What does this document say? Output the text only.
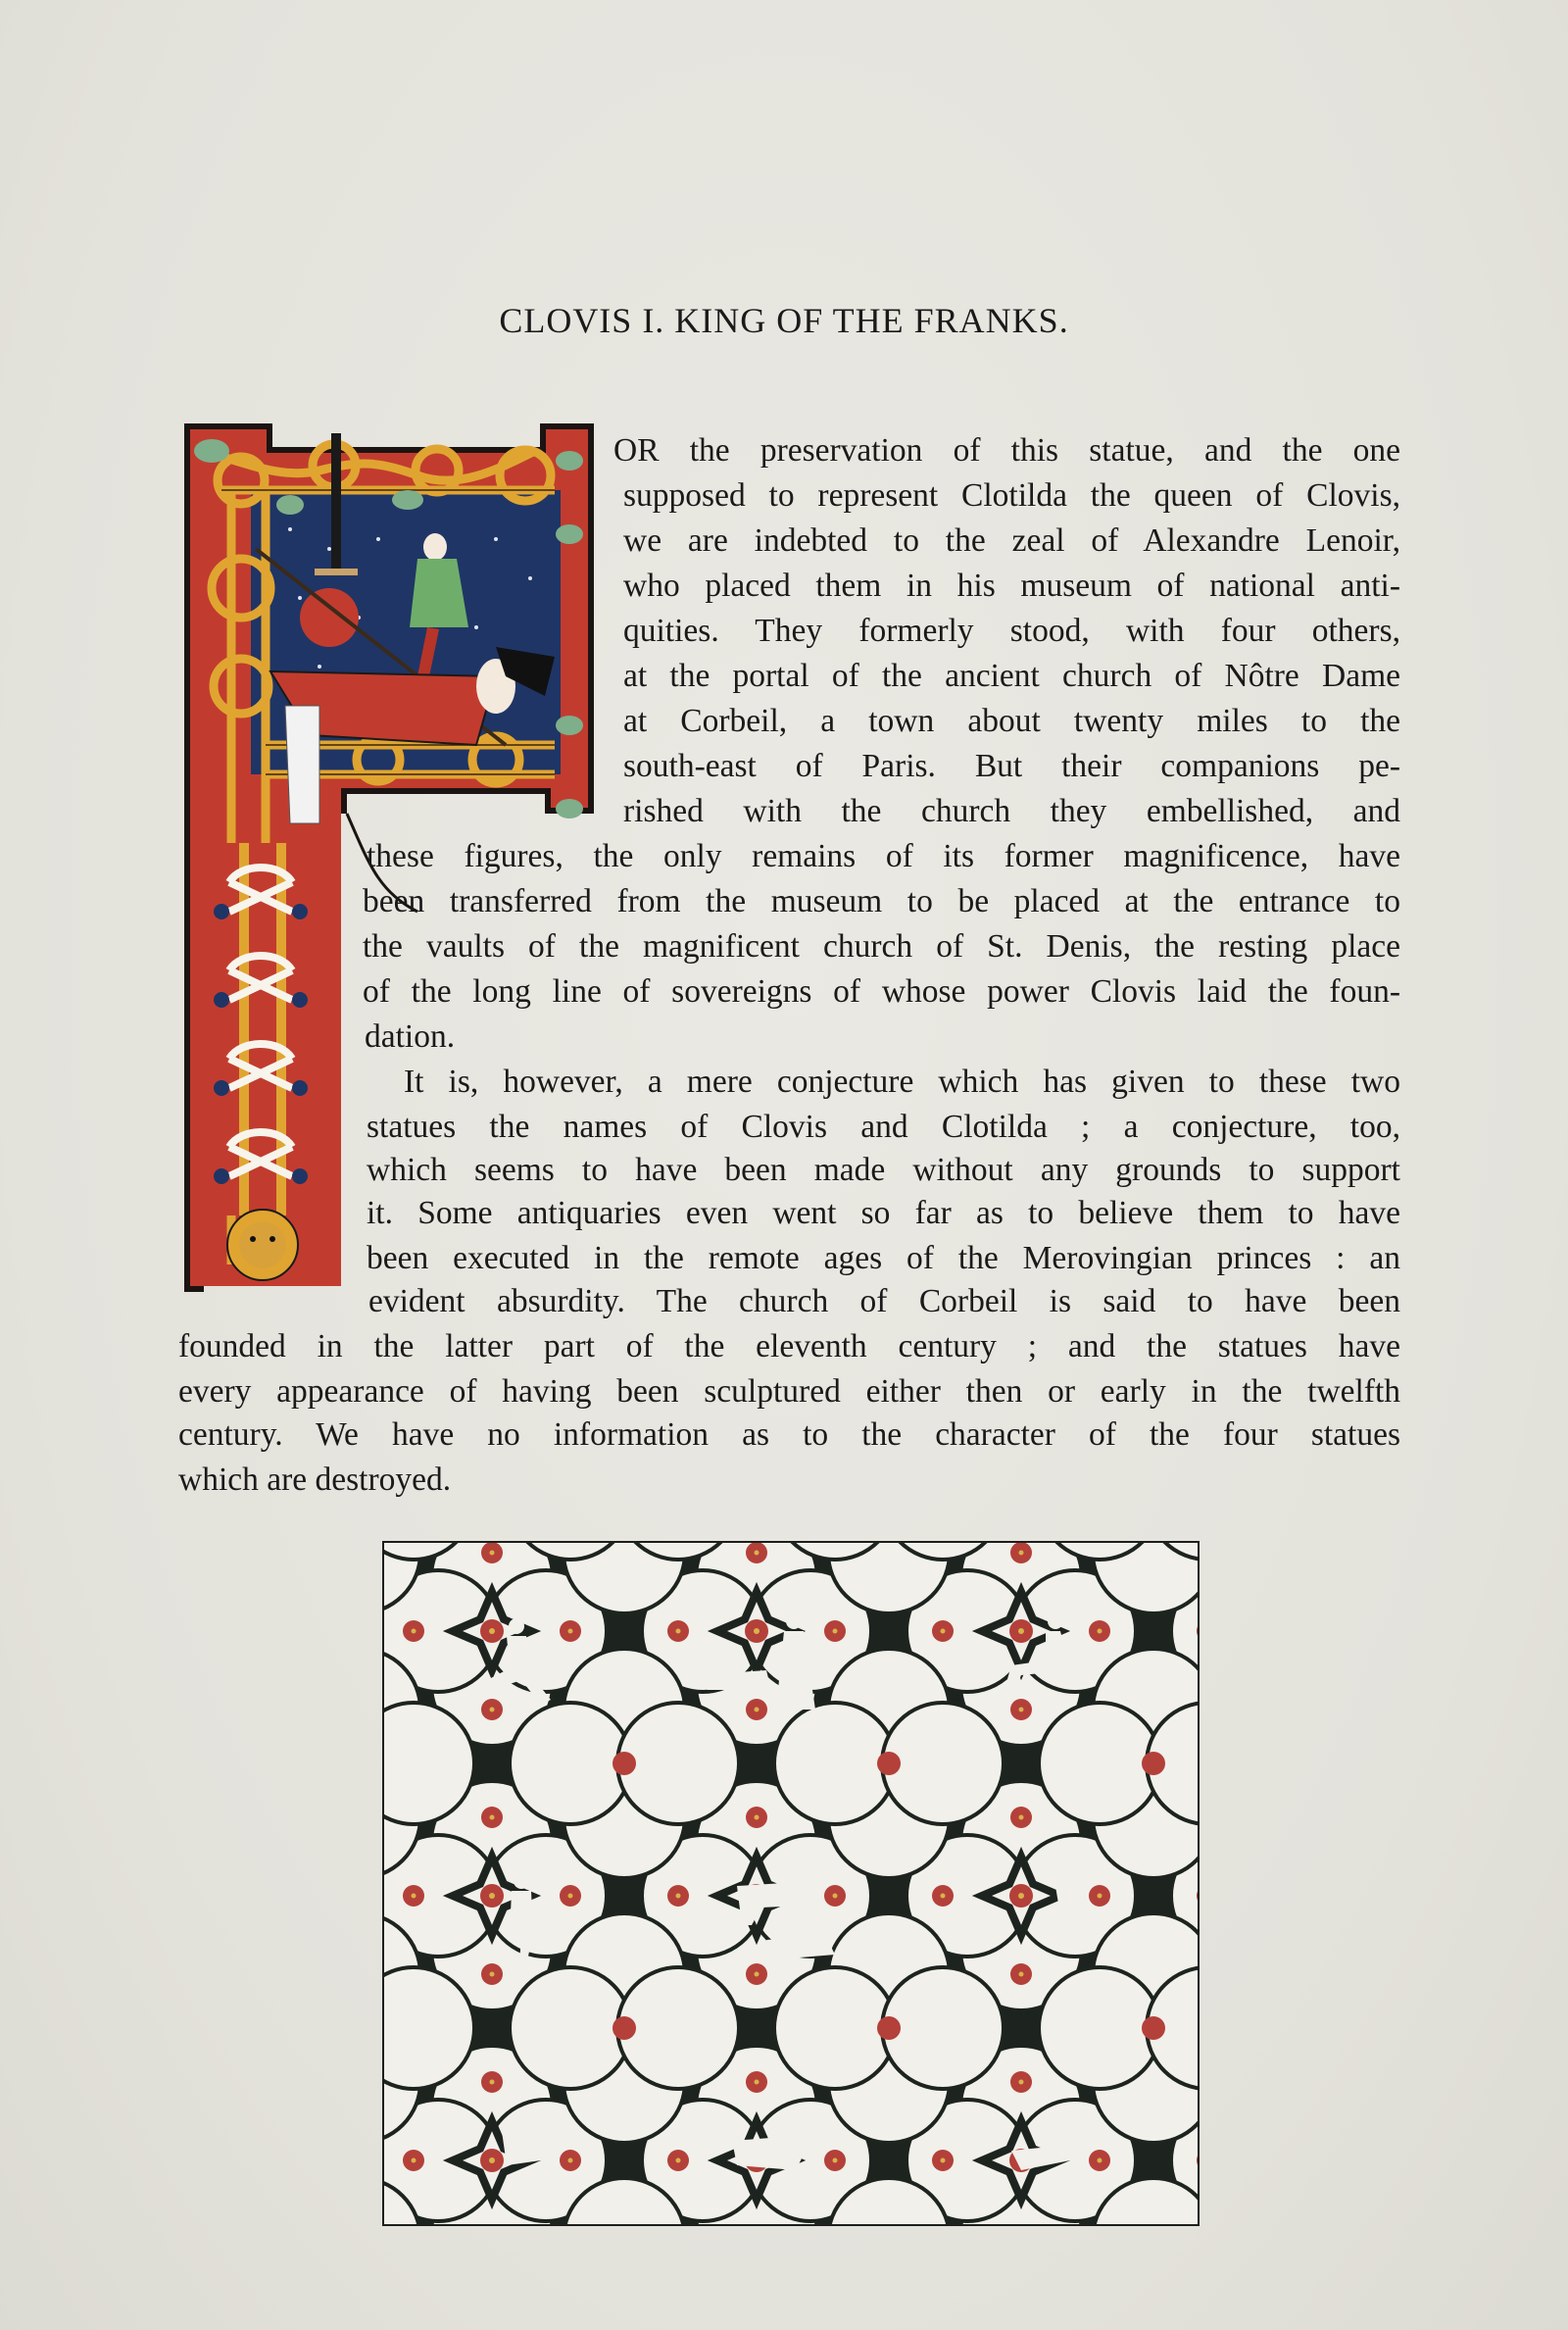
CLOVIS I. KING OF THE FRANKS.
OR the preservation of this statue, and the one
supposed to represent Clotilda the queen of Clovis,
we are indebted to the zeal of Alexandre Lenoir,
who placed them in his museum of national anti-
quities. They formerly stood, with four others,
at the portal of the ancient church of Nôtre Dame
at Corbeil, a town about twenty miles to the
south-east of Paris. But their companions pe-
rished with the church they embellished, and
these figures, the only remains of its former magnificence, have
been transferred from the museum to be placed at the entrance to
the vaults of the magnificent church of St. Denis, the resting place
of the long line of sovereigns of whose power Clovis laid the foun-
dation.
It is, however, a mere conjecture which has given to these two
statues the names of Clovis and Clotilda ; a conjecture, too,
which seems to have been made without any grounds to support
it. Some antiquaries even went so far as to believe them to have
been executed in the remote ages of the Merovingian princes : an
evident absurdity. The church of Corbeil is said to have been
founded in the latter part of the eleventh century ; and the statues have
every appearance of having been sculptured either then or early in the twelfth
century. We have no information as to the character of the four statues
which are destroyed.
